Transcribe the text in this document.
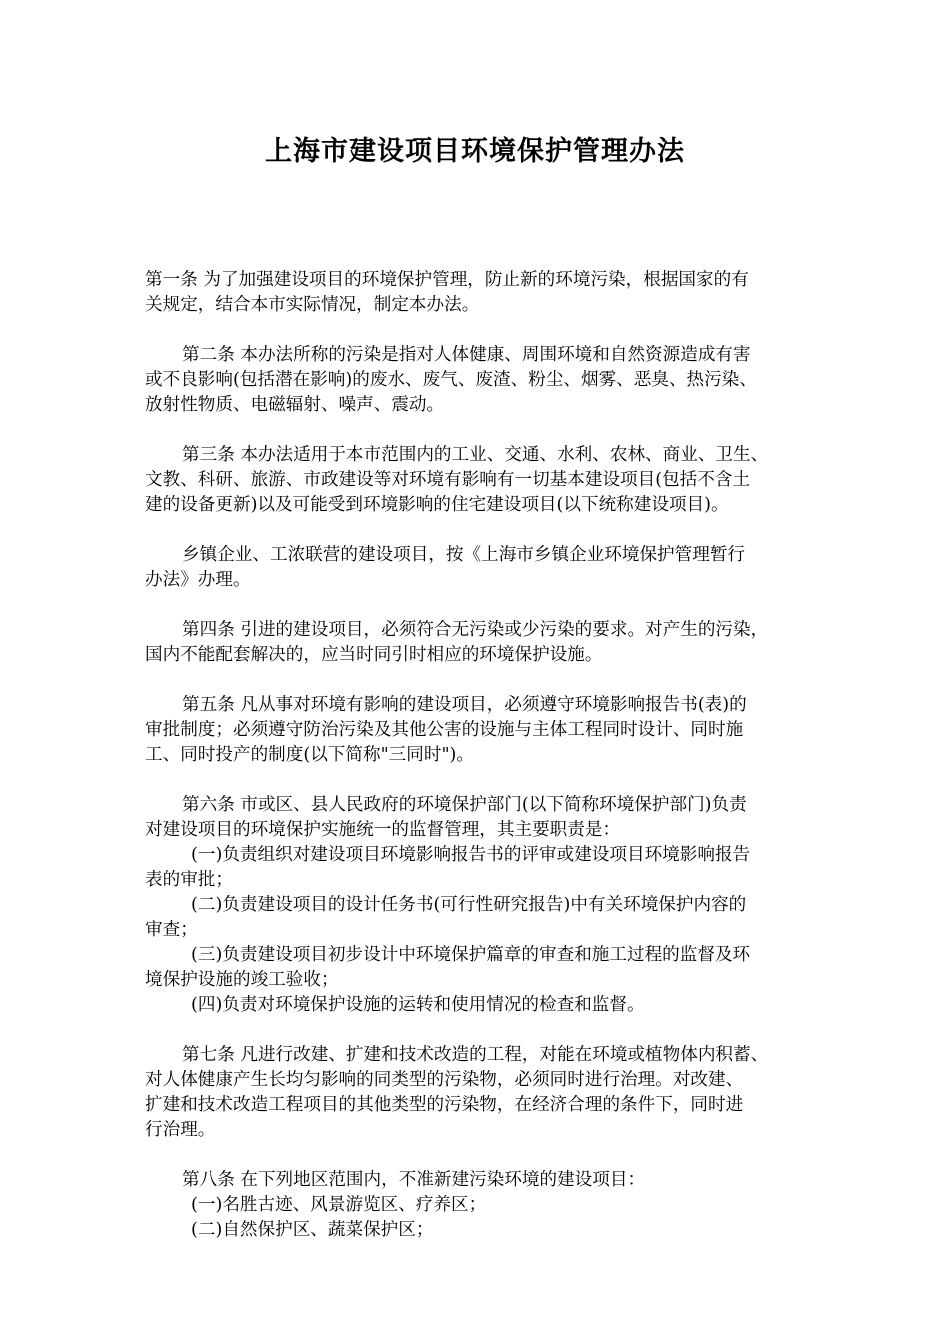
上海市建设项目环境保护管理办法
第一条 为了加强建设项目的环境保护管理，防止新的环境污染，根据国家的有
关规定，结合本市实际情况，制定本办法。
第二条 本办法所称的污染是指对人体健康、周围环境和自然资源造成有害
或不良影响(包括潜在影响)的废水、废气、废渣、粉尘、烟雾、恶臭、热污染、
放射性物质、电磁辐射、噪声、震动。
第三条 本办法适用于本市范围内的工业、交通、水利、农林、商业、卫生、
文教、科研、旅游、市政建设等对环境有影响有一切基本建设项目(包括不含土
建的设备更新)以及可能受到环境影响的住宅建设项目(以下统称建设项目)。
乡镇企业、工浓联营的建设项目，按《上海市乡镇企业环境保护管理暂行
办法》办理。
第四条 引进的建设项目，必须符合无污染或少污染的要求。对产生的污染，
国内不能配套解决的，应当时同引时相应的环境保护设施。
第五条 凡从事对环境有影响的建设项目，必须遵守环境影响报告书(表)的
审批制度；必须遵守防治污染及其他公害的设施与主体工程同时设计、同时施
工、同时投产的制度(以下简称"三同时")。
第六条 市或区、县人民政府的环境保护部门(以下简称环境保护部门)负责
对建设项目的环境保护实施统一的监督管理，其主要职责是：
(一)负责组织对建设项目环境影响报告书的评审或建设项目环境影响报告
表的审批；
(二)负责建设项目的设计任务书(可行性研究报告)中有关环境保护内容的
审查；
(三)负责建设项目初步设计中环境保护篇章的审查和施工过程的监督及环
境保护设施的竣工验收；
(四)负责对环境保护设施的运转和使用情况的检查和监督。
第七条 凡进行改建、扩建和技术改造的工程，对能在环境或植物体内积蓄、
对人体健康产生长均匀影响的同类型的污染物，必须同时进行治理。对改建、
扩建和技术改造工程项目的其他类型的污染物，在经济合理的条件下，同时进
行治理。
第八条 在下列地区范围内，不准新建污染环境的建设项目：
(一)名胜古迹、风景游览区、疗养区；
(二)自然保护区、蔬菜保护区；
